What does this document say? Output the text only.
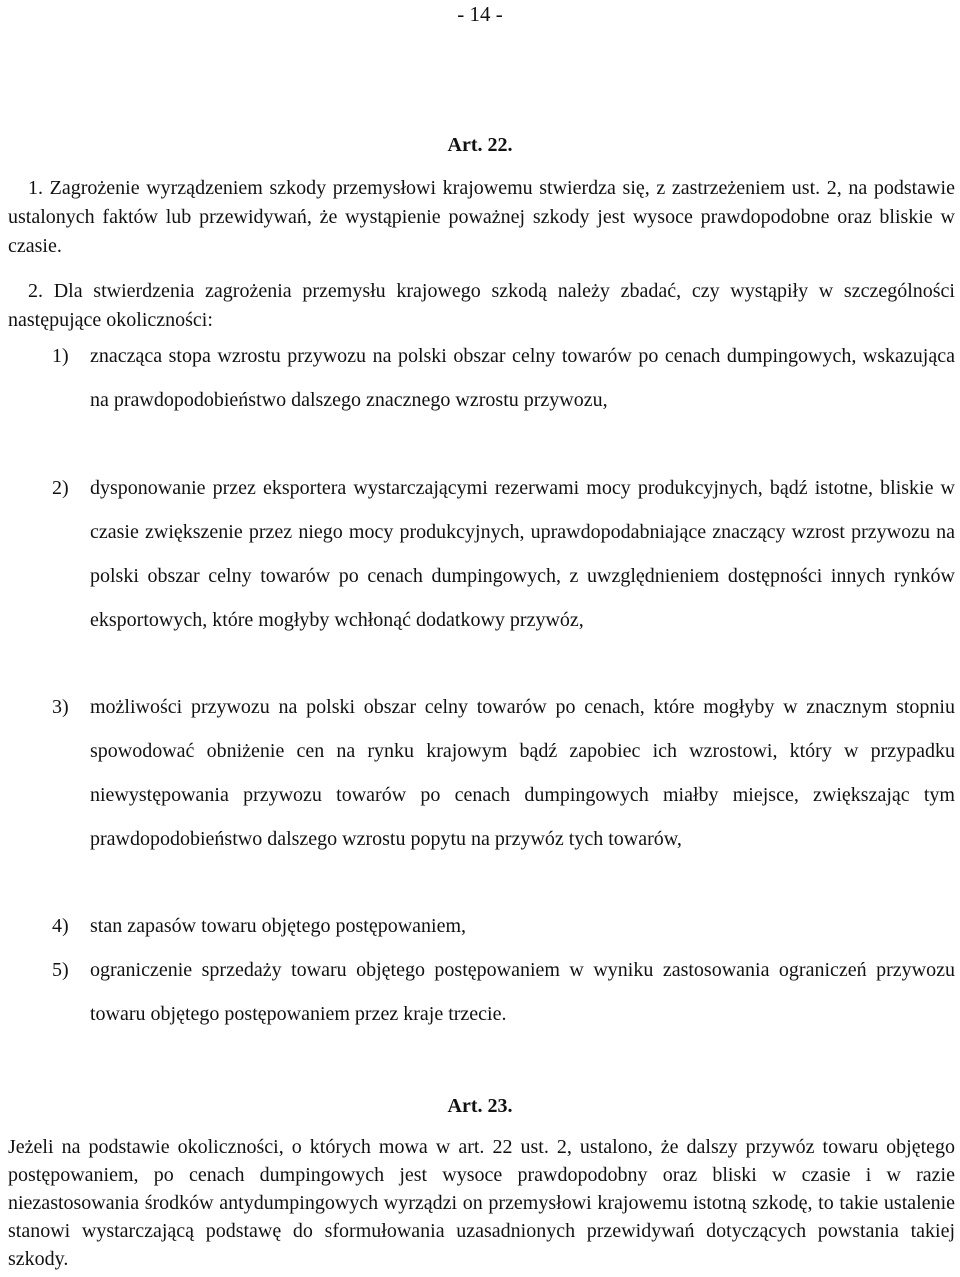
- 14 -
Art. 22.
1. Zagrożenie wyrządzeniem szkody przemysłowi krajowemu stwierdza się, z zastrzeżeniem ust. 2, na podstawie ustalonych faktów lub przewidywań, że wystąpienie poważnej szkody jest wysoce prawdopodobne oraz bliskie w czasie.
2. Dla stwierdzenia zagrożenia przemysłu krajowego szkodą należy zbadać, czy wystąpiły w szczególności następujące okoliczności:
1) znacząca stopa wzrostu przywozu na polski obszar celny towarów po cenach dumpingowych, wskazująca na prawdopodobieństwo dalszego znacznego wzrostu przywozu,
2) dysponowanie przez eksportera wystarczającymi rezerwami mocy produkcyjnych, bądź istotne, bliskie w czasie zwiększenie przez niego mocy produkcyjnych, uprawdopodabniające znaczący wzrost przywozu na polski obszar celny towarów po cenach dumpingowych, z uwzględnieniem dostępności innych rynków eksportowych, które mogłyby wchłonąć dodatkowy przywóz,
3) możliwości przywozu na polski obszar celny towarów po cenach, które mogłyby w znacznym stopniu spowodować obniżenie cen na rynku krajowym bądź zapobiec ich wzrostowi, który w przypadku niewystępowania przywozu towarów po cenach dumpingowych miałby miejsce, zwiększając tym prawdopodobieństwo dalszego wzrostu popytu na przywóz tych towarów,
4) stan zapasów towaru objętego postępowaniem,
5) ograniczenie sprzedaży towaru objętego postępowaniem w wyniku zastosowania ograniczeń przywozu towaru objętego postępowaniem przez kraje trzecie.
Art. 23.
Jeżeli na podstawie okoliczności, o których mowa w art. 22 ust. 2, ustalono, że dalszy przywóz towaru objętego postępowaniem, po cenach dumpingowych jest wysoce prawdopodobny oraz bliski w czasie i w razie niezastosowania środków antydumpingowych wyrządzi on przemysłowi krajowemu istotną szkodę, to takie ustalenie stanowi wystarczającą podstawę do sformułowania uzasadnionych przewidywań dotyczących powstania takiej szkody.
